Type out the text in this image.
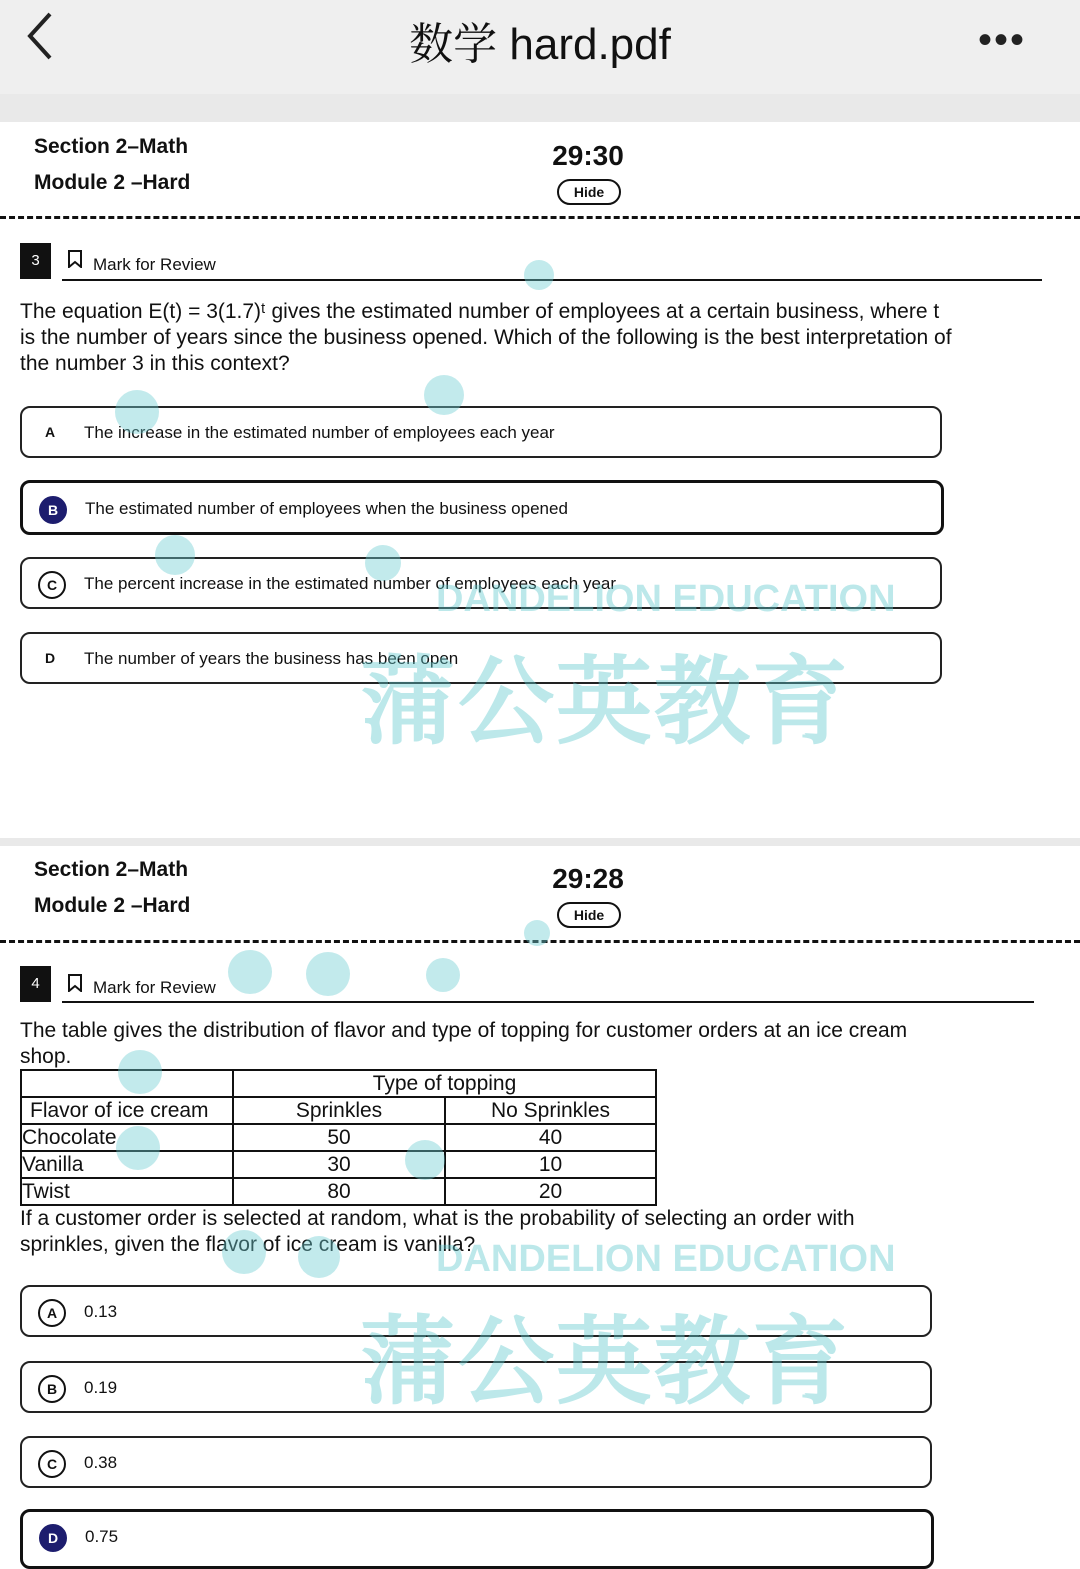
数学 hard.pdf	•••
Section 2–Math
Module 2 –Hard
29:30
Hide
3	Mark for Review
The equation E(t) = 3(1.7)ᵗ gives the estimated number of employees at a certain business, where t
is the number of years since the business opened. Which of the following is the best interpretation of
the number 3 in this context?
A	The increase in the estimated number of employees each year
B	The estimated number of employees when the business opened
C	The percent increase in the estimated number of employees each year
D	The number of years the business has been open
Section 2–Math
Module 2 –Hard
29:28
Hide
4	Mark for Review
The table gives the distribution of flavor and type of topping for customer orders at an ice cream
shop.
	Type of topping	
Flavor of ice cream	Sprinkles	No Sprinkles
Chocolate	50	40
Vanilla	30	10
Twist	80	20
If a customer order is selected at random, what is the probability of selecting an order with
sprinkles, given the flavor of ice cream is vanilla?
A	0.13
B	0.19
C	0.38
D	0.75
DANDELION EDUCATION
蒲公英教育
DANDELION EDUCATION
蒲公英教育
